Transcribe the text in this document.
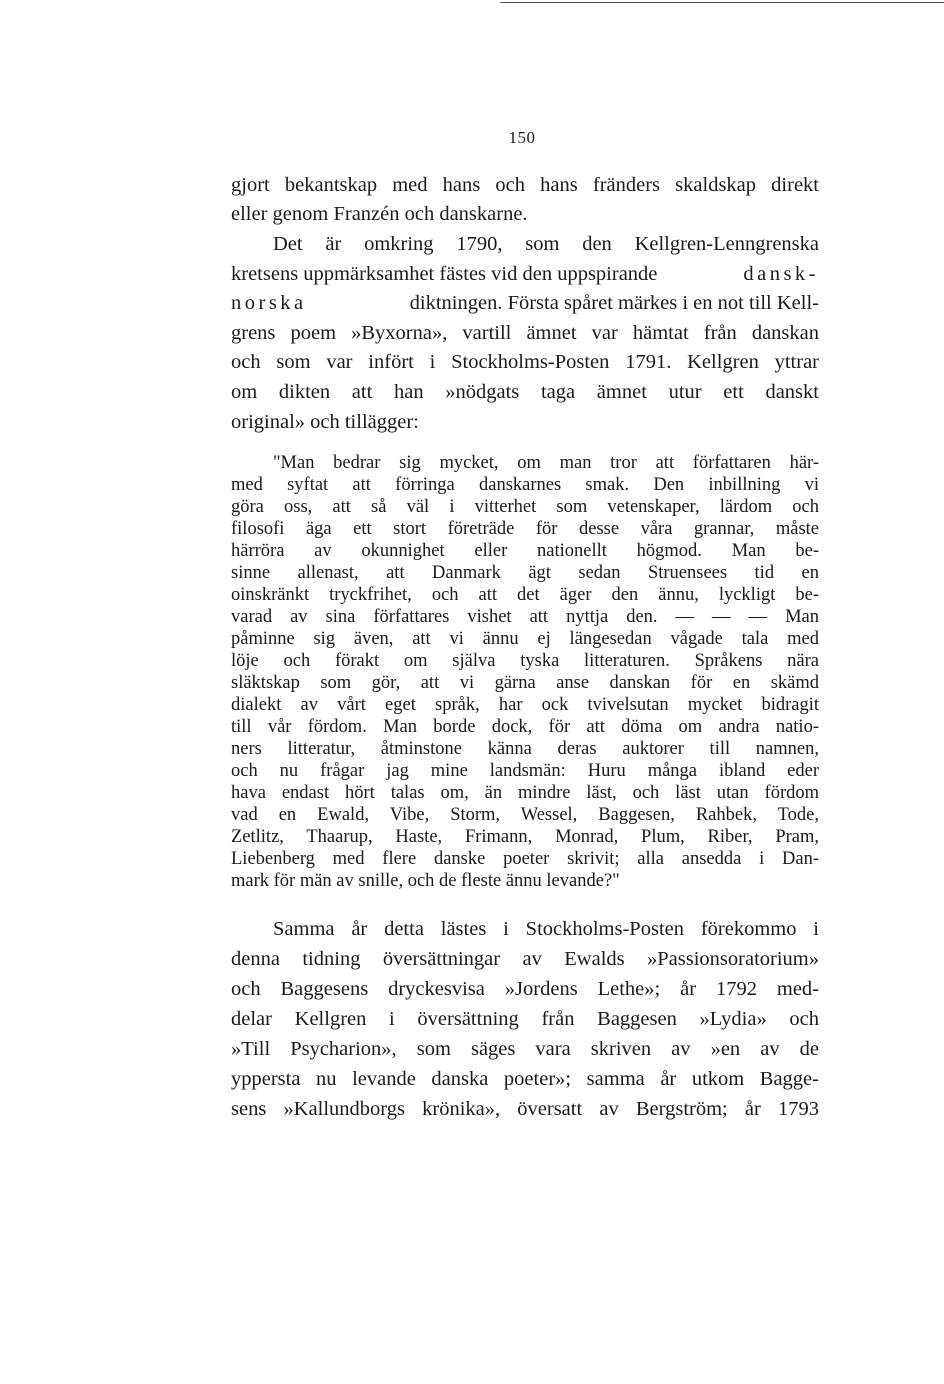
150
gjort bekantskap med hans och hans fränders skaldskap direkt
eller genom Franzén och danskarne.
Det är omkring 1790, som den Kellgren-Lenngrenska
kretsens uppmärksamhet fästes vid den uppspirande	dansk-
norska	diktningen. Första spåret märkes i en not till Kell-
grens poem »Byxorna», vartill ämnet var hämtat från danskan
och som var infört i Stockholms-Posten 1791. Kellgren yttrar
om dikten att han »nödgats taga ämnet utur ett danskt
original» och tillägger:
"Man bedrar sig mycket, om man tror att författaren här-
med syftat att förringa danskarnes smak. Den inbillning vi
göra oss, att så väl i vitterhet som vetenskaper, lärdom och
filosofi äga ett stort företräde för desse våra grannar, måste
härröra av okunnighet eller nationellt högmod. Man be-
sinne allenast, att Danmark ägt sedan Struensees tid en
oinskränkt tryckfrihet, och att det äger den ännu, lyckligt be-
varad av sina författares vishet att nyttja den. — — — Man
påminne sig även, att vi ännu ej längesedan vågade tala med
löje och förakt om själva tyska litteraturen. Språkens nära
släktskap som gör, att vi gärna anse danskan för en skämd
dialekt av vårt eget språk, har ock tvivelsutan mycket bidragit
till vår fördom. Man borde dock, för att döma om andra natio-
ners litteratur, åtminstone känna deras auktorer till namnen,
och nu frågar jag mine landsmän: Huru många ibland eder
hava endast hört talas om, än mindre läst, och läst utan fördom
vad en Ewald, Vibe, Storm, Wessel, Baggesen, Rahbek, Tode,
Zetlitz, Thaarup, Haste, Frimann, Monrad, Plum, Riber, Pram,
Liebenberg med flere danske poeter skrivit; alla ansedda i Dan-
mark för män av snille, och de fleste ännu levande?"
Samma år detta lästes i Stockholms-Posten förekommo i
denna tidning översättningar av Ewalds »Passionsoratorium»
och Baggesens dryckesvisa »Jordens Lethe»; år 1792 med-
delar Kellgren i översättning från Baggesen »Lydia» och
»Till Psycharion», som säges vara skriven av »en av de
yppersta nu levande danska poeter»; samma år utkom Bagge-
sens »Kallundborgs krönika», översatt av Bergström; år 1793
